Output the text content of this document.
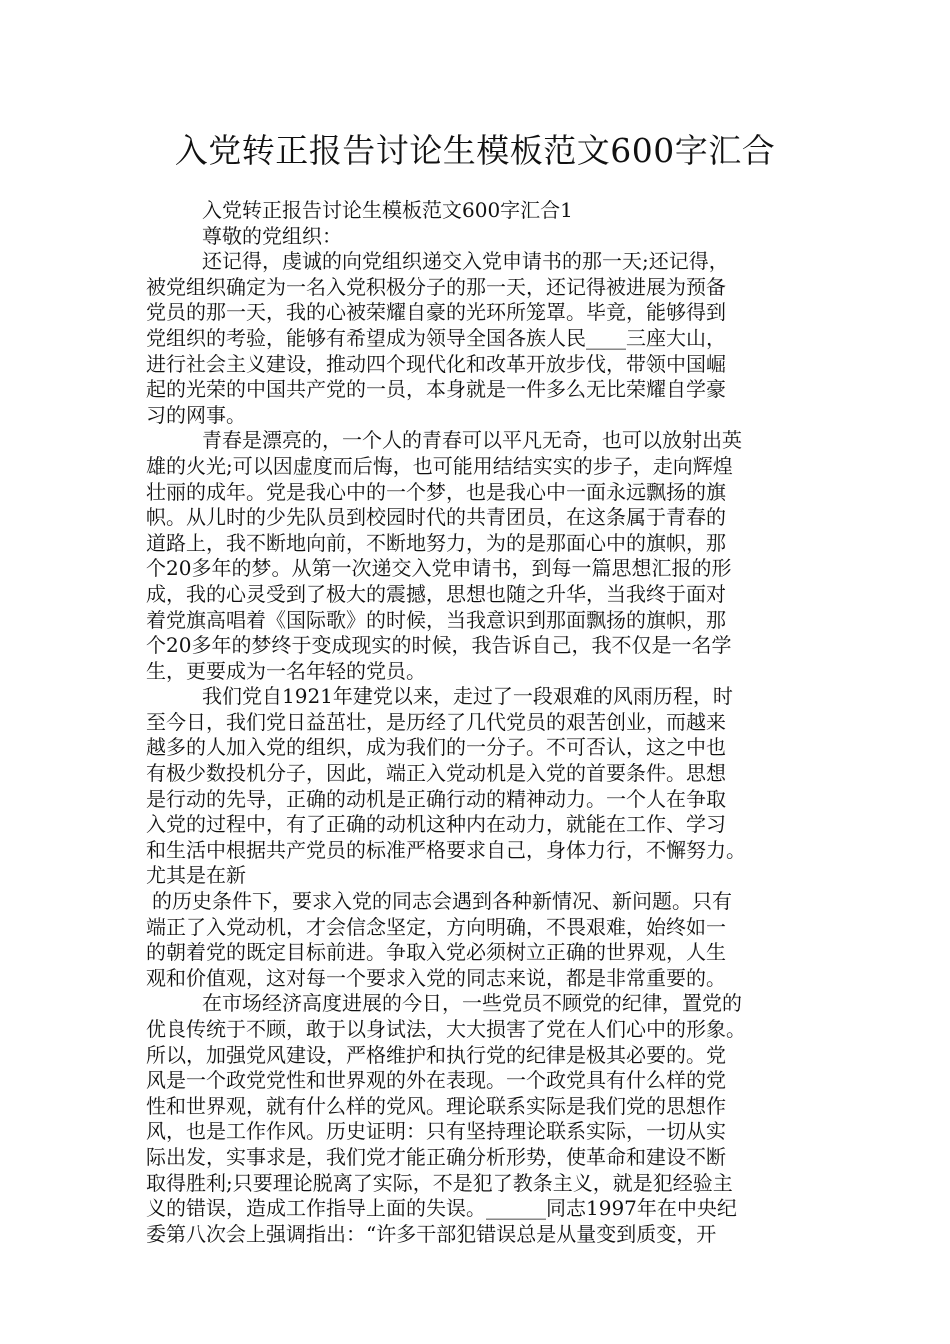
入党转正报告讨论生模板范文600字汇合
入党转正报告讨论生模板范文600字汇合1
尊敬的党组织：
还记得，虔诚的向党组织递交入党申请书的那一天;还记得，
被党组织确定为一名入党积极分子的那一天，还记得被进展为预备
党员的那一天，我的心被荣耀自豪的光环所笼罩。毕竟，能够得到
党组织的考验，能够有希望成为领导全国各族人民____三座大山，
进行社会主义建设，推动四个现代化和改革开放步伐，带领中国崛
起的光荣的中国共产党的一员，本身就是一件多么无比荣耀自学豪
习的网事。
青春是漂亮的，一个人的青春可以平凡无奇，也可以放射出英
雄的火光;可以因虚度而后悔，也可能用结结实实的步子，走向辉煌
壮丽的成年。党是我心中的一个梦，也是我心中一面永远飘扬的旗
帜。从儿时的少先队员到校园时代的共青团员，在这条属于青春的
道路上，我不断地向前，不断地努力，为的是那面心中的旗帜，那
个20多年的梦。从第一次递交入党申请书，到每一篇思想汇报的形
成，我的心灵受到了极大的震撼，思想也随之升华，当我终于面对
着党旗高唱着《国际歌》的时候，当我意识到那面飘扬的旗帜，那
个20多年的梦终于变成现实的时候，我告诉自己，我不仅是一名学
生，更要成为一名年轻的党员。
我们党自1921年建党以来，走过了一段艰难的风雨历程，时
至今日，我们党日益茁壮，是历经了几代党员的艰苦创业，而越来
越多的人加入党的组织，成为我们的一分子。不可否认，这之中也
有极少数投机分子，因此，端正入党动机是入党的首要条件。思想
是行动的先导，正确的动机是正确行动的精神动力。一个人在争取
入党的过程中，有了正确的动机这种内在动力，就能在工作、学习
和生活中根据共产党员的标准严格要求自己，身体力行，不懈努力。
尤其是在新
的历史条件下，要求入党的同志会遇到各种新情况、新问题。只有
端正了入党动机，才会信念坚定，方向明确，不畏艰难，始终如一
的朝着党的既定目标前进。争取入党必须树立正确的世界观，人生
观和价值观，这对每一个要求入党的同志来说，都是非常重要的。
在市场经济高度进展的今日，一些党员不顾党的纪律，置党的
优良传统于不顾，敢于以身试法，大大损害了党在人们心中的形象。
所以，加强党风建设，严格维护和执行党的纪律是极其必要的。党
风是一个政党党性和世界观的外在表现。一个政党具有什么样的党
性和世界观，就有什么样的党风。理论联系实际是我们党的思想作
风，也是工作作风。历史证明：只有坚持理论联系实际，一切从实
际出发，实事求是，我们党才能正确分析形势，使革命和建设不断
取得胜利;只要理论脱离了实际，不是犯了教条主义，就是犯经验主
义的错误，造成工作指导上面的失误。______同志1997年在中央纪
委第八次会上强调指出：“许多干部犯错误总是从量变到质变，开
